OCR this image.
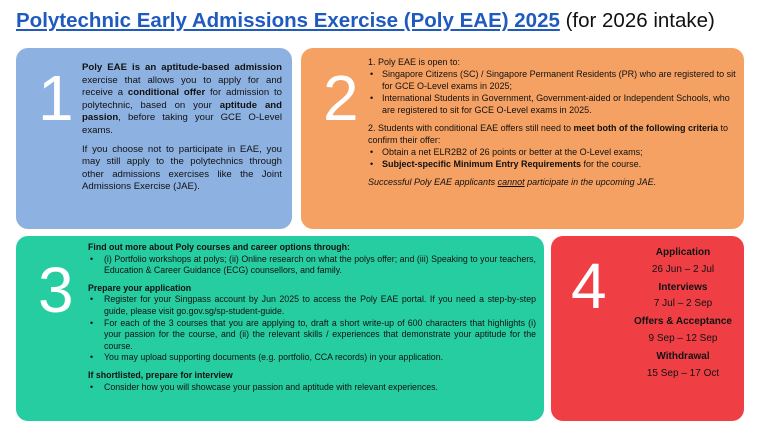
Polytechnic Early Admissions Exercise (Poly EAE) 2025 (for 2026 intake)
1 Poly EAE is an aptitude-based admission exercise that allows you to apply for and receive a conditional offer for admission to polytechnic, based on your aptitude and passion, before taking your GCE O-Level exams.

If you choose not to participate in EAE, you may still apply to the polytechnics through other admissions exercises like the Joint Admissions Exercise (JAE).

2 1. Poly EAE is open to:

• Singapore Citizens (SC) / Singapore Permanent Residents (PR) who are registered to sit for GCE O-Level exams in 2025;
• International Students in Government, Government-aided or Independent Schools, who are registered to sit for GCE O-Level exams in 2025.

2. Students with conditional EAE offers still need to meet both of the following criteria to confirm their offer:

• Obtain a net ELR2B2 of 26 points or better at the O-Level exams;
• Subject-specific Minimum Entry Requirements for the course.

Successful Poly EAE applicants cannot participate in the upcoming JAE.

3

Find out more about Poly courses and career options through:

• (i) Portfolio workshops at polys; (ii) Online research on what the polys offer; and (iii) Speaking to your teachers, Education & Career Guidance (ECG) counsellors, and family.

Prepare your application

• Register for your Singpass account by Jun 2025 to access the Poly EAE portal. If you need a step-by-step guide, please visit go.gov.sg/sp-student-guide.
• For each of the 3 courses that you are applying to, draft a short write-up of 600 characters that highlights (i) your passion for the course, and (ii) the relevant skills / experiences that demonstrate your aptitude for the course.
• You may upload supporting documents (e.g. portfolio, CCA records) in your application.

If shortlisted, prepare for interview

• Consider how you will showcase your passion and aptitude with relevant experiences.
4	Application
26 Jun – 2 Jul
Interviews
7 Jul – 2 Sep
Offers & Acceptance
9 Sep – 12 Sep
Withdrawal
15 Sep – 17 Oct
